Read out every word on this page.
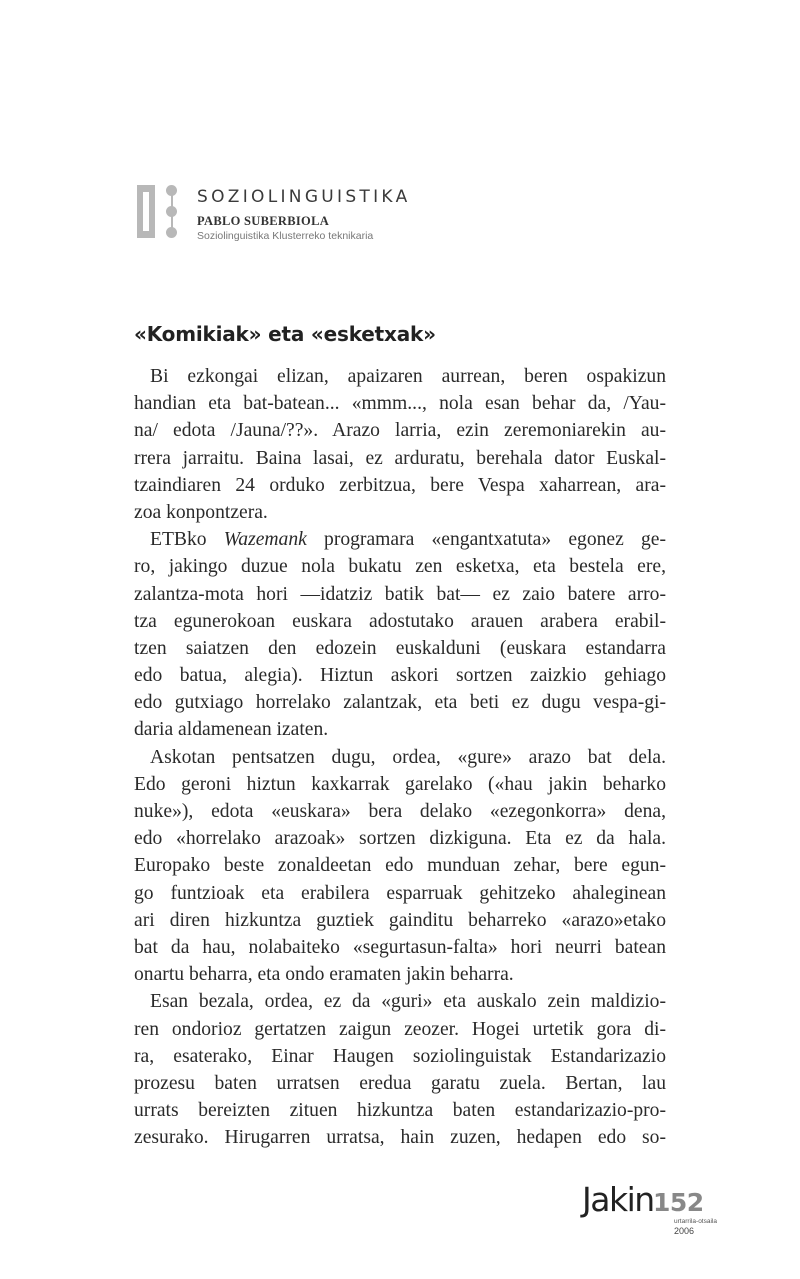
SOZIOLINGUISTIKA
PABLO SUBERBIOLA
Soziolinguistika Klusterreko teknikaria
«Komikiak» eta «esketxak»
Bi ezkongai elizan, apaizaren aurrean, beren ospakizun
handian eta bat-batean... «mmm..., nola esan behar da, /Yau-
na/ edota /Jauna/??». Arazo larria, ezin zeremoniarekin au-
rrera jarraitu. Baina lasai, ez arduratu, berehala dator Euskal-
tzaindiaren 24 orduko zerbitzua, bere Vespa xaharrean, ara-
zoa konpontzera.
ETBko Wazemank programara «engantxatuta» egonez ge-
ro, jakingo duzue nola bukatu zen esketxa, eta bestela ere,
zalantza-mota hori —idatziz batik bat— ez zaio batere arro-
tza egunerokoan euskara adostutako arauen arabera erabil-
tzen saiatzen den edozein euskalduni (euskara estandarra
edo batua, alegia). Hiztun askori sortzen zaizkio gehiago
edo gutxiago horrelako zalantzak, eta beti ez dugu vespa-gi-
daria aldamenean izaten.
Askotan pentsatzen dugu, ordea, «gure» arazo bat dela.
Edo geroni hiztun kaxkarrak garelako («hau jakin beharko
nuke»), edota «euskara» bera delako «ezegonkorra» dena,
edo «horrelako arazoak» sortzen dizkiguna. Eta ez da hala.
Europako beste zonaldeetan edo munduan zehar, bere egun-
go funtzioak eta erabilera esparruak gehitzeko ahaleginean
ari diren hizkuntza guztiek gainditu beharreko «arazo»etako
bat da hau, nolabaiteko «segurtasun-falta» hori neurri batean
onartu beharra, eta ondo eramaten jakin beharra.
Esan bezala, ordea, ez da «guri» eta auskalo zein maldizio-
ren ondorioz gertatzen zaigun zeozer. Hogei urtetik gora di-
ra, esaterako, Einar Haugen soziolinguistak Estandarizazio
prozesu baten urratsen eredua garatu zuela. Bertan, lau
urrats bereizten zituen hizkuntza baten estandarizazio-pro-
zesurako. Hirugarren urratsa, hain zuzen, hedapen edo so-
Jakin 152
urtarrila-otsaila
2006
